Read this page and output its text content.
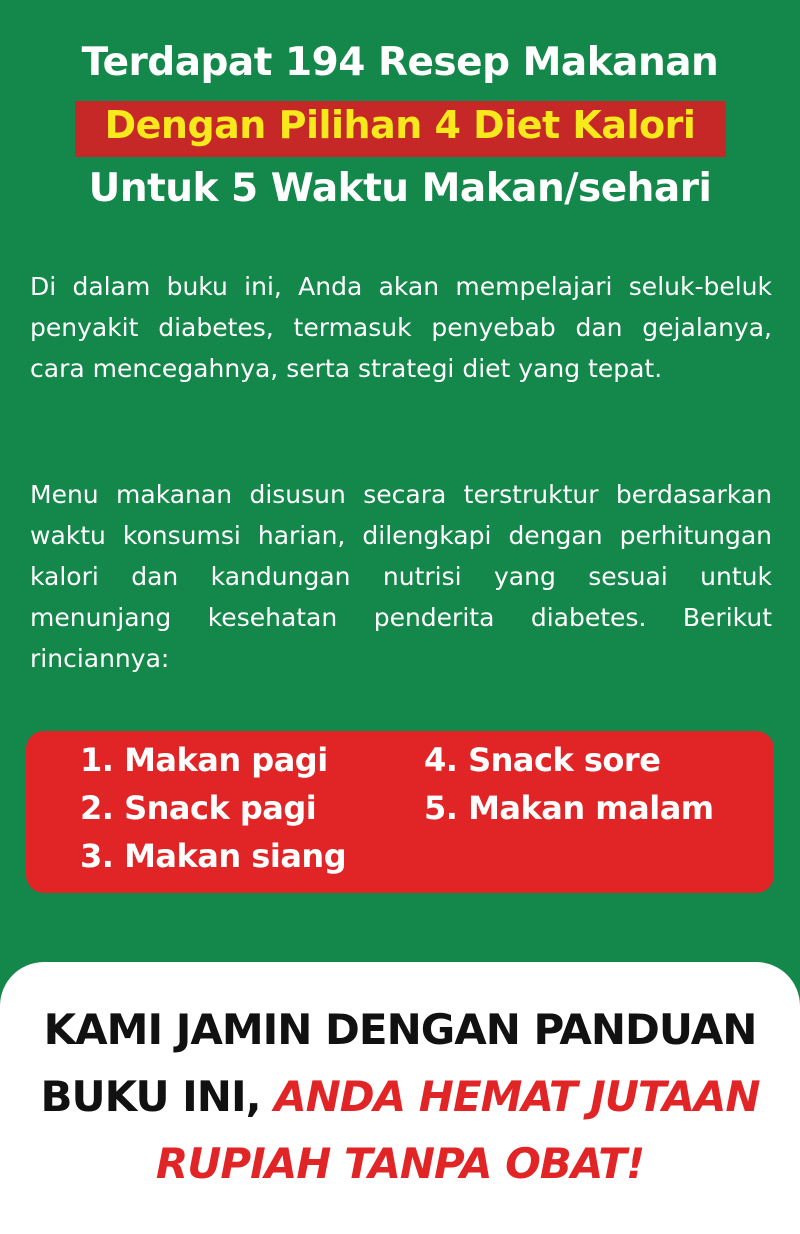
Terdapat 194 Resep Makanan
Dengan Pilihan 4 Diet Kalori
Untuk 5 Waktu Makan/sehari

Di dalam buku ini, Anda akan mempelajari seluk-beluk penyakit diabetes, termasuk penyebab dan gejalanya, cara mencegahnya, serta strategi diet yang tepat.

Menu makanan disusun secara terstruktur berdasarkan waktu konsumsi harian, dilengkapi dengan perhitungan kalori dan kandungan nutrisi yang sesuai untuk menunjang kesehatan penderita diabetes. Berikut rinciannya:

1. Makan pagi
2. Snack pagi
3. Makan siang
4. Snack sore
5. Makan malam
KAMI JAMIN DENGAN PANDUAN
BUKU INI, ANDA HEMAT JUTAAN
RUPIAH TANPA OBAT!
